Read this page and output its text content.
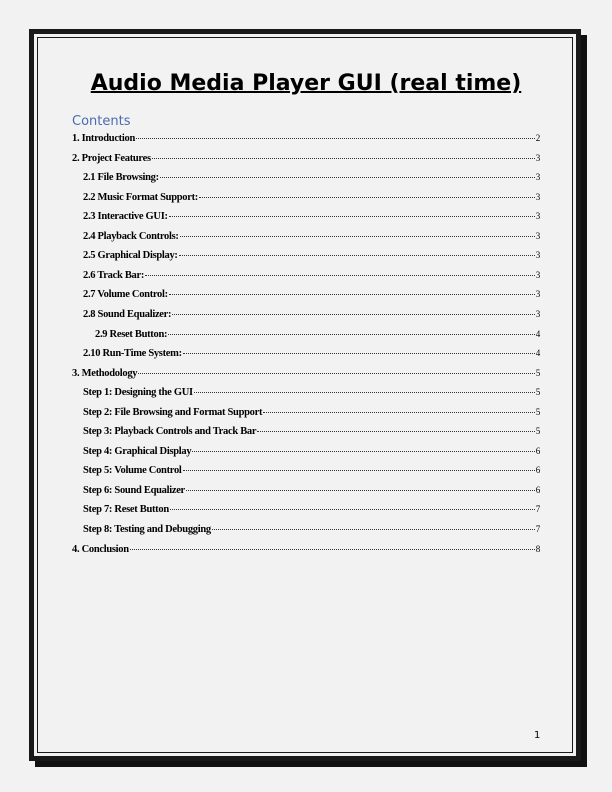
Audio Media Player GUI (real time)
Contents
1. Introduction	2
2. Project Features	3
2.1 File Browsing:	3
2.2 Music Format Support:	3
2.3 Interactive GUI:	3
2.4 Playback Controls:	3
2.5 Graphical Display:	3
2.6 Track Bar:	3
2.7 Volume Control:	3
2.8 Sound Equalizer:	3
2.9 Reset Button:	4
2.10 Run-Time System:	4
3. Methodology	5
Step 1: Designing the GUI	5
Step 2: File Browsing and Format Support	5
Step 3: Playback Controls and Track Bar	5
Step 4: Graphical Display	6
Step 5: Volume Control	6
Step 6: Sound Equalizer	6
Step 7: Reset Button	7
Step 8: Testing and Debugging	7
4. Conclusion	8
1
